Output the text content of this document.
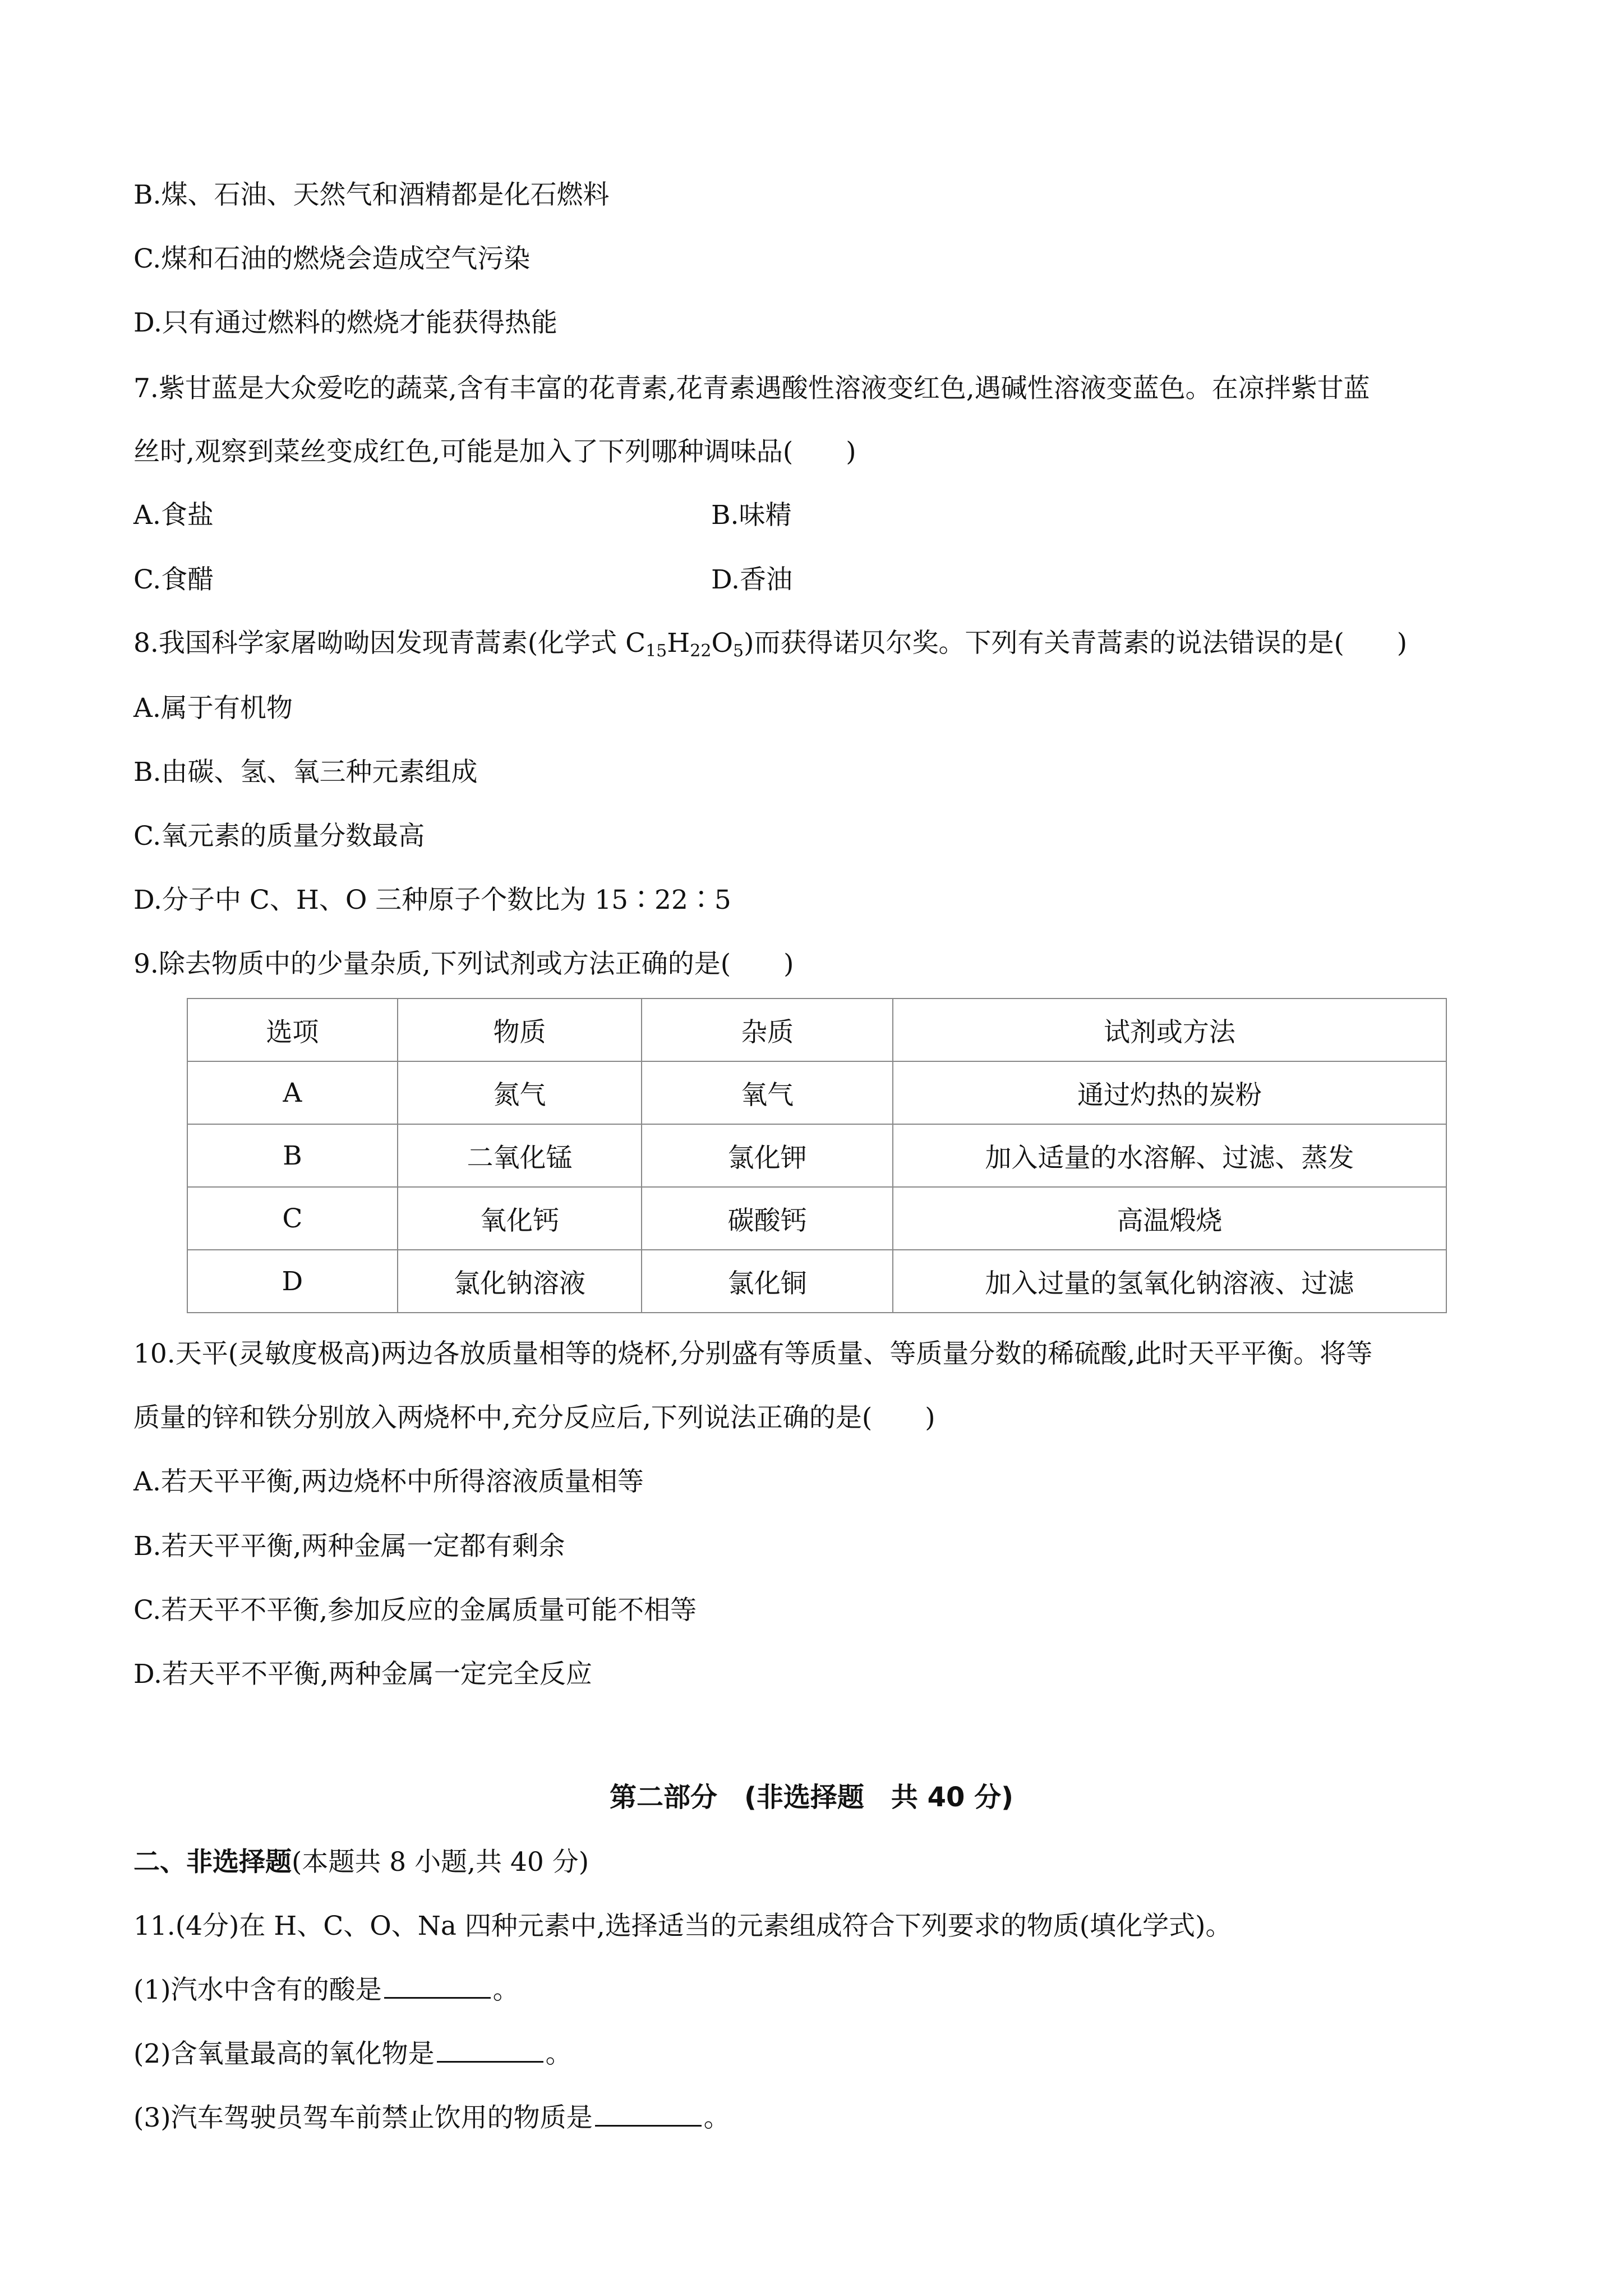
B.煤、石油、天然气和酒精都是化石燃料
C.煤和石油的燃烧会造成空气污染
D.只有通过燃料的燃烧才能获得热能
7.紫甘蓝是大众爱吃的蔬菜,含有丰富的花青素,花青素遇酸性溶液变红色,遇碱性溶液变蓝色。在凉拌紫甘蓝
丝时,观察到菜丝变成红色,可能是加入了下列哪种调味品(　　)
A.食盐	B.味精
C.食醋	D.香油
8.我国科学家屠呦呦因发现青蒿素(化学式 $C_{15}H_{22}O_5$)而获得诺贝尔奖。下列有关青蒿素的说法错误的是(　　)
A.属于有机物
B.由碳、氢、氧三种元素组成
C.氧元素的质量分数最高
D.分子中 C、H、O 三种原子个数比为 15∶22∶5
9.除去物质中的少量杂质,下列试剂或方法正确的是(　　)
选项	物质	杂质	试剂或方法
A	氮气	氧气	通过灼热的炭粉
B	二氧化锰	氯化钾	加入适量的水溶解、过滤、蒸发
C	氧化钙	碳酸钙	高温煅烧
D	氯化钠溶液	氯化铜	加入过量的氢氧化钠溶液、过滤
10.天平(灵敏度极高)两边各放质量相等的烧杯,分别盛有等质量、等质量分数的稀硫酸,此时天平平衡。将等
质量的锌和铁分别放入两烧杯中,充分反应后,下列说法正确的是(　　)
A.若天平平衡,两边烧杯中所得溶液质量相等
B.若天平平衡,两种金属一定都有剩余
C.若天平不平衡,参加反应的金属质量可能不相等
D.若天平不平衡,两种金属一定完全反应
第二部分　(非选择题　共 40 分)
二、非选择题(本题共 8 小题,共 40 分)
11.(4分)在 H、C、O、Na 四种元素中,选择适当的元素组成符合下列要求的物质(填化学式)。
(1)汽水中含有的酸是	。
(2)含氧量最高的氧化物是	。
(3)汽车驾驶员驾车前禁止饮用的物质是	。
